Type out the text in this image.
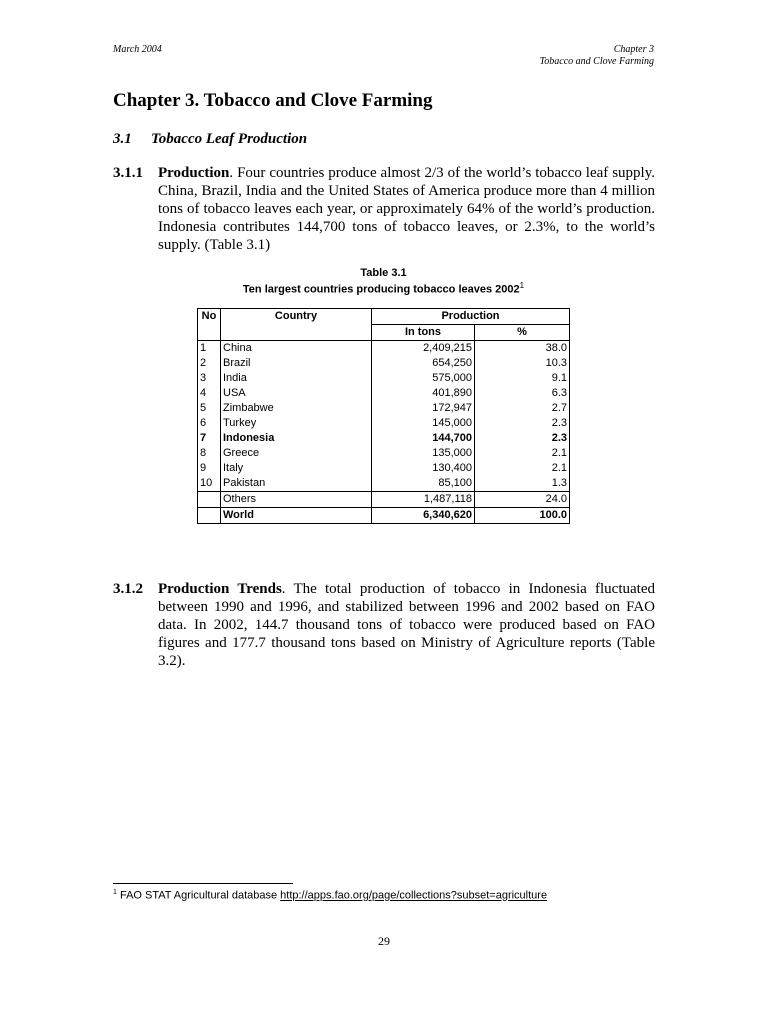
March 2004	Chapter 3
Tobacco and Clove Farming
Chapter 3. Tobacco and Clove Farming
3.1 Tobacco Leaf Production
3.1.1 Production. Four countries produce almost 2/3 of the world’s tobacco leaf supply. China, Brazil, India and the United States of America produce more than 4 million tons of tobacco leaves each year, or approximately 64% of the world’s production. Indonesia contributes 144,700 tons of tobacco leaves, or 2.3%, to the world’s supply. (Table 3.1)
Table 3.1
Ten largest countries producing tobacco leaves 2002$^1$
No	Country	Production	
		In tons	%
1	China	2,409,215	38.0
2	Brazil	654,250	10.3
3	India	575,000	9.1
4	USA	401,890	6.3
5	Zimbabwe	172,947	2.7
6	Turkey	145,000	2.3
7	Indonesia	144,700	2.3
8	Greece	135,000	2.1
9	Italy	130,400	2.1
10	Pakistan	85,100	1.3
	Others	1,487,118	24.0
	World	6,340,620	100.0
3.1.2 Production Trends. The total production of tobacco in Indonesia fluctuated between 1990 and 1996, and stabilized between 1996 and 2002 based on FAO data. In 2002, 144.7 thousand tons of tobacco were produced based on FAO figures and 177.7 thousand tons based on Ministry of Agriculture reports (Table 3.2).
$^1$ FAO STAT Agricultural database http://apps.fao.org/page/collections?subset=agriculture
29
